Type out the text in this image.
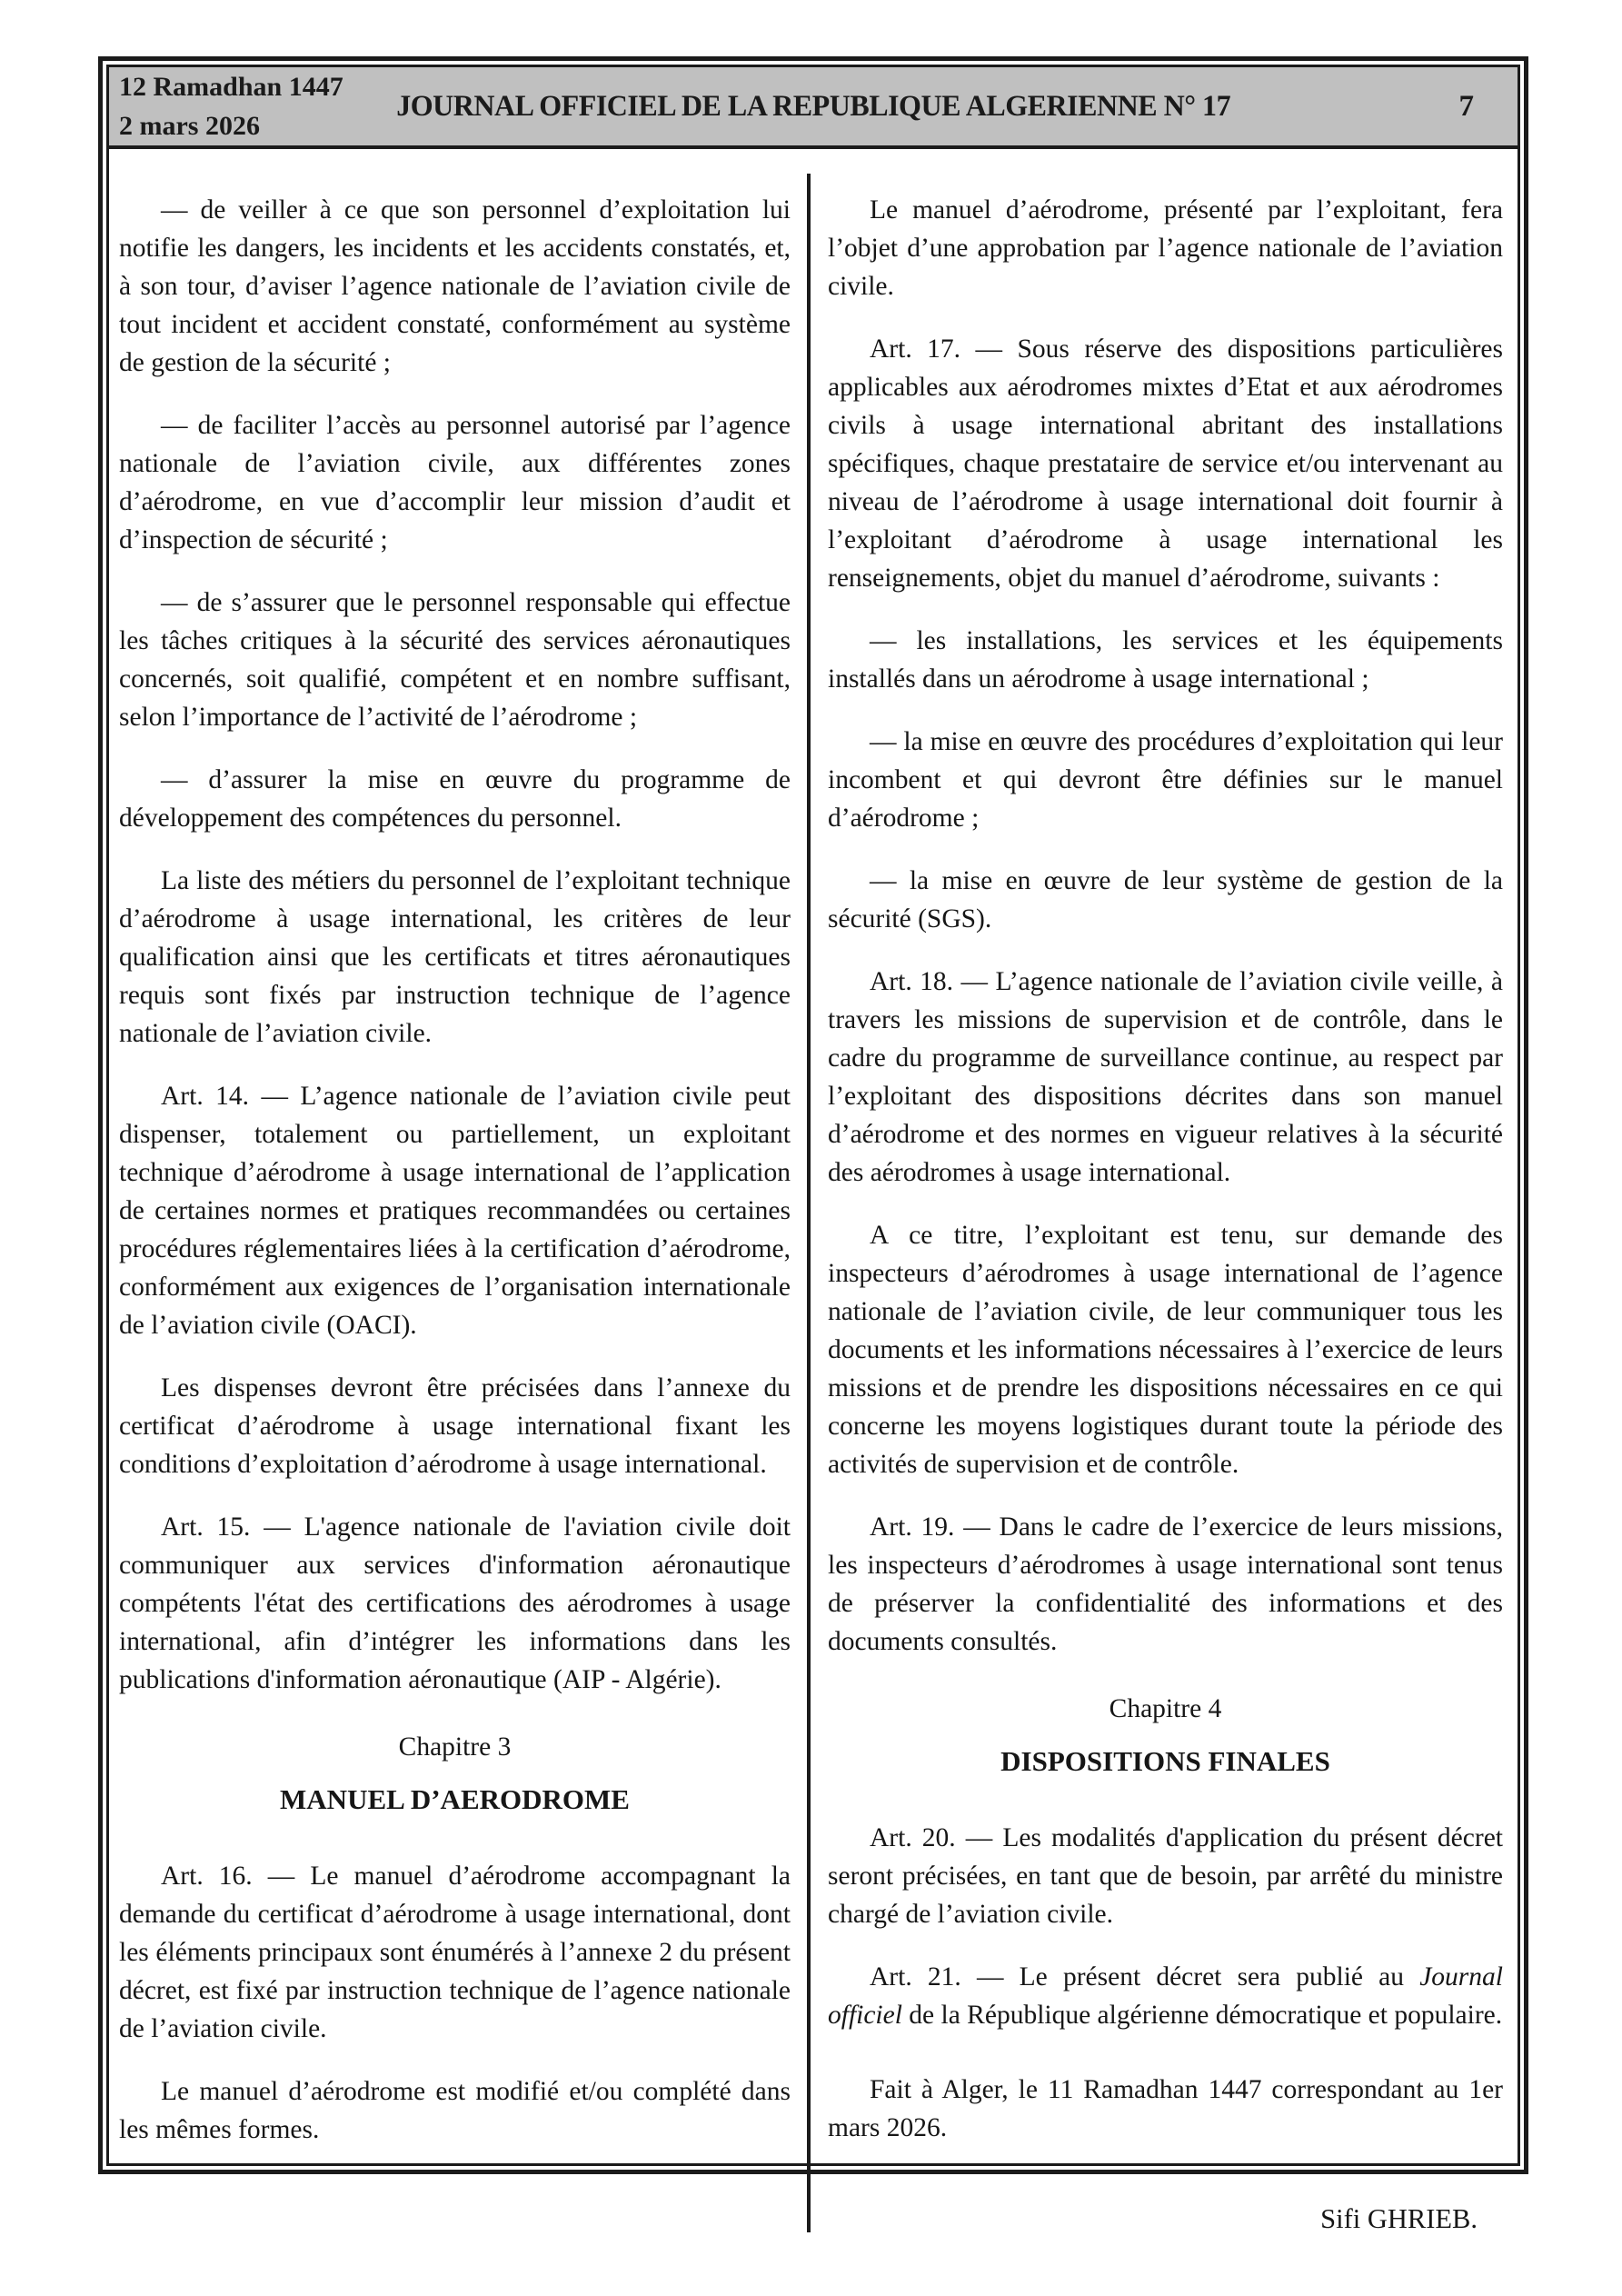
12 Ramadhan 1447
2 mars 2026
JOURNAL OFFICIEL DE LA REPUBLIQUE ALGERIENNE N° 17	7

— de veiller à ce que son personnel d’exploitation lui notifie les dangers, les incidents et les accidents constatés, et, à son tour, d’aviser l’agence nationale de l’aviation civile de tout incident et accident constaté, conformément au système de gestion de la sécurité ;

— de faciliter l’accès au personnel autorisé par l’agence nationale de l’aviation civile, aux différentes zones d’aérodrome, en vue d’accomplir leur mission d’audit et d’inspection de sécurité ;

— de s’assurer que le personnel responsable qui effectue les tâches critiques à la sécurité des services aéronautiques concernés, soit qualifié, compétent et en nombre suffisant, selon l’importance de l’activité de l’aérodrome ;

— d’assurer la mise en œuvre du programme de développement des compétences du personnel.

La liste des métiers du personnel de l’exploitant technique d’aérodrome à usage international, les critères de leur qualification ainsi que les certificats et titres aéronautiques requis sont fixés par instruction technique de l’agence nationale de l’aviation civile.

Art. 14. — L’agence nationale de l’aviation civile peut dispenser, totalement ou partiellement, un exploitant technique d’aérodrome à usage international de l’application de certaines normes et pratiques recommandées ou certaines procédures réglementaires liées à la certification d’aérodrome, conformément aux exigences de l’organisation internationale de l’aviation civile (OACI).

Les dispenses devront être précisées dans l’annexe du certificat d’aérodrome à usage international fixant les conditions d’exploitation d’aérodrome à usage international.

Art. 15. — L'agence nationale de l'aviation civile doit communiquer aux services d'information aéronautique compétents l'état des certifications des aérodromes à usage international, afin d’intégrer les informations dans les publications d'information aéronautique (AIP - Algérie).

Chapitre 3

MANUEL D’AERODROME

Art. 16. — Le manuel d’aérodrome accompagnant la demande du certificat d’aérodrome à usage international, dont les éléments principaux sont énumérés à l’annexe 2 du présent décret, est fixé par instruction technique de l’agence nationale de l’aviation civile.

Le manuel d’aérodrome est modifié et/ou complété dans les mêmes formes.

Le manuel d’aérodrome, présenté par l’exploitant, fera l’objet d’une approbation par l’agence nationale de l’aviation civile.

Art. 17. — Sous réserve des dispositions particulières applicables aux aérodromes mixtes d’Etat et aux aérodromes civils à usage international abritant des installations spécifiques, chaque prestataire de service et/ou intervenant au niveau de l’aérodrome à usage international doit fournir à l’exploitant d’aérodrome à usage international les renseignements, objet du manuel d’aérodrome, suivants :

— les installations, les services et les équipements installés dans un aérodrome à usage international ;

— la mise en œuvre des procédures d’exploitation qui leur incombent et qui devront être définies sur le manuel d’aérodrome ;

— la mise en œuvre de leur système de gestion de la sécurité (SGS).

Art. 18. — L’agence nationale de l’aviation civile veille, à travers les missions de supervision et de contrôle, dans le cadre du programme de surveillance continue, au respect par l’exploitant des dispositions décrites dans son manuel d’aérodrome et des normes en vigueur relatives à la sécurité des aérodromes à usage international.

A ce titre, l’exploitant est tenu, sur demande des inspecteurs d’aérodromes à usage international de l’agence nationale de l’aviation civile, de leur communiquer tous les documents et les informations nécessaires à l’exercice de leurs missions et de prendre les dispositions nécessaires en ce qui concerne les moyens logistiques durant toute la période des activités de supervision et de contrôle.

Art. 19. — Dans le cadre de l’exercice de leurs missions, les inspecteurs d’aérodromes à usage international sont tenus de préserver la confidentialité des informations et des documents consultés.

Chapitre 4

DISPOSITIONS FINALES

Art. 20. — Les modalités d'application du présent décret seront précisées, en tant que de besoin, par arrêté du ministre chargé de l’aviation civile.

Art. 21. — Le présent décret sera publié au Journal officiel de la République algérienne démocratique et populaire.

Fait à Alger, le 11 Ramadhan 1447 correspondant au 1er mars 2026.

Sifi GHRIEB.
